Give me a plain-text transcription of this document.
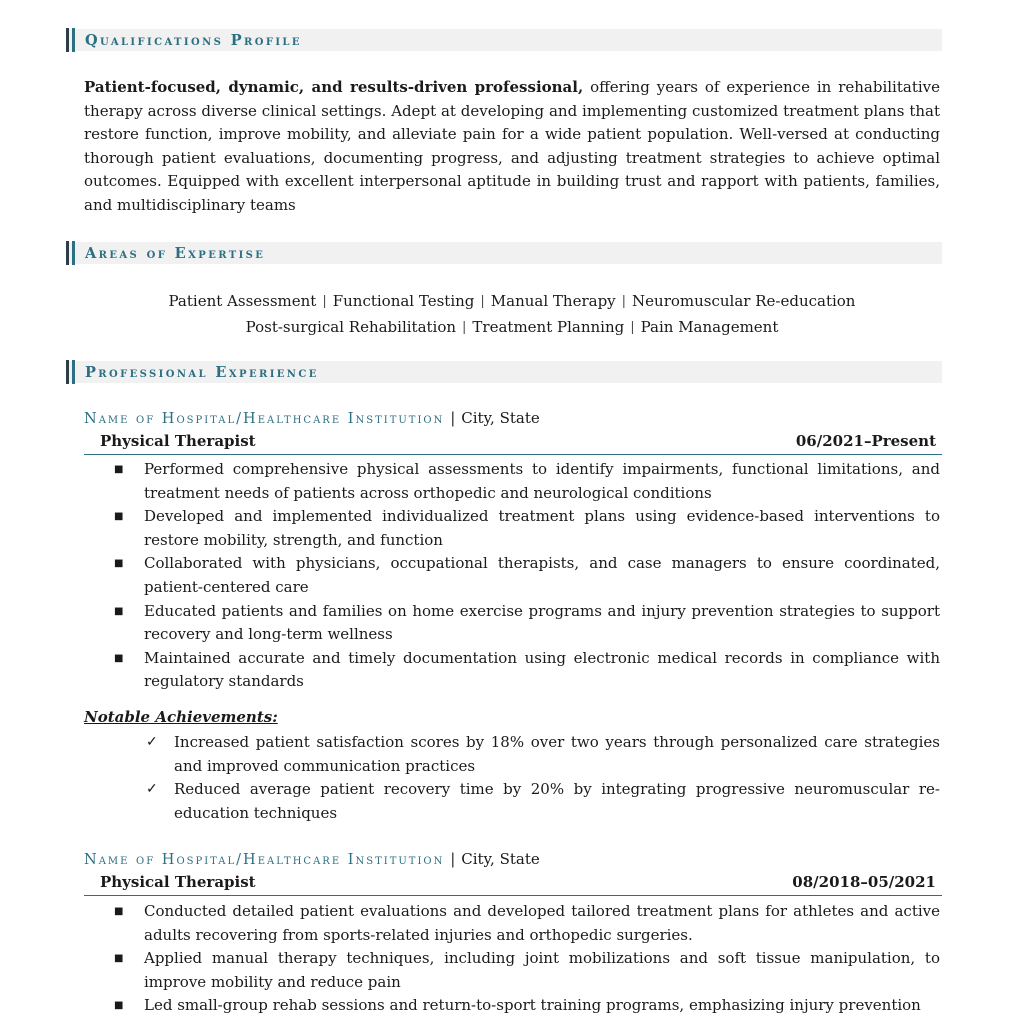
Qualifications Profile
Patient-focused, dynamic, and results-driven professional, offering years of experience in rehabilitative therapy across diverse clinical settings. Adept at developing and implementing customized treatment plans that restore function, improve mobility, and alleviate pain for a wide patient population. Well-versed at conducting thorough patient evaluations, documenting progress, and adjusting treatment strategies to achieve optimal outcomes. Equipped with excellent interpersonal aptitude in building trust and rapport with patients, families, and multidisciplinary teams
Areas of Expertise
Patient Assessment | Functional Testing | Manual Therapy | Neuromuscular Re-education
Post-surgical Rehabilitation | Treatment Planning | Pain Management
Professional Experience
Name of Hospital/Healthcare Institution | City, State
Physical Therapist	06/2021–Present
■ Performed comprehensive physical assessments to identify impairments, functional limitations, and treatment needs of patients across orthopedic and neurological conditions
■ Developed and implemented individualized treatment plans using evidence-based interventions to restore mobility, strength, and function
■ Collaborated with physicians, occupational therapists, and case managers to ensure coordinated, patient-centered care
■ Educated patients and families on home exercise programs and injury prevention strategies to support recovery and long-term wellness
■ Maintained accurate and timely documentation using electronic medical records in compliance with regulatory standards
Notable Achievements:
✓ Increased patient satisfaction scores by 18% over two years through personalized care strategies and improved communication practices
✓ Reduced average patient recovery time by 20% by integrating progressive neuromuscular re-education techniques
Name of Hospital/Healthcare Institution | City, State
Physical Therapist	08/2018–05/2021
■ Conducted detailed patient evaluations and developed tailored treatment plans for athletes and active adults recovering from sports-related injuries and orthopedic surgeries.
■ Applied manual therapy techniques, including joint mobilizations and soft tissue manipulation, to improve mobility and reduce pain
■ Led small-group rehab sessions and return-to-sport training programs, emphasizing injury prevention
